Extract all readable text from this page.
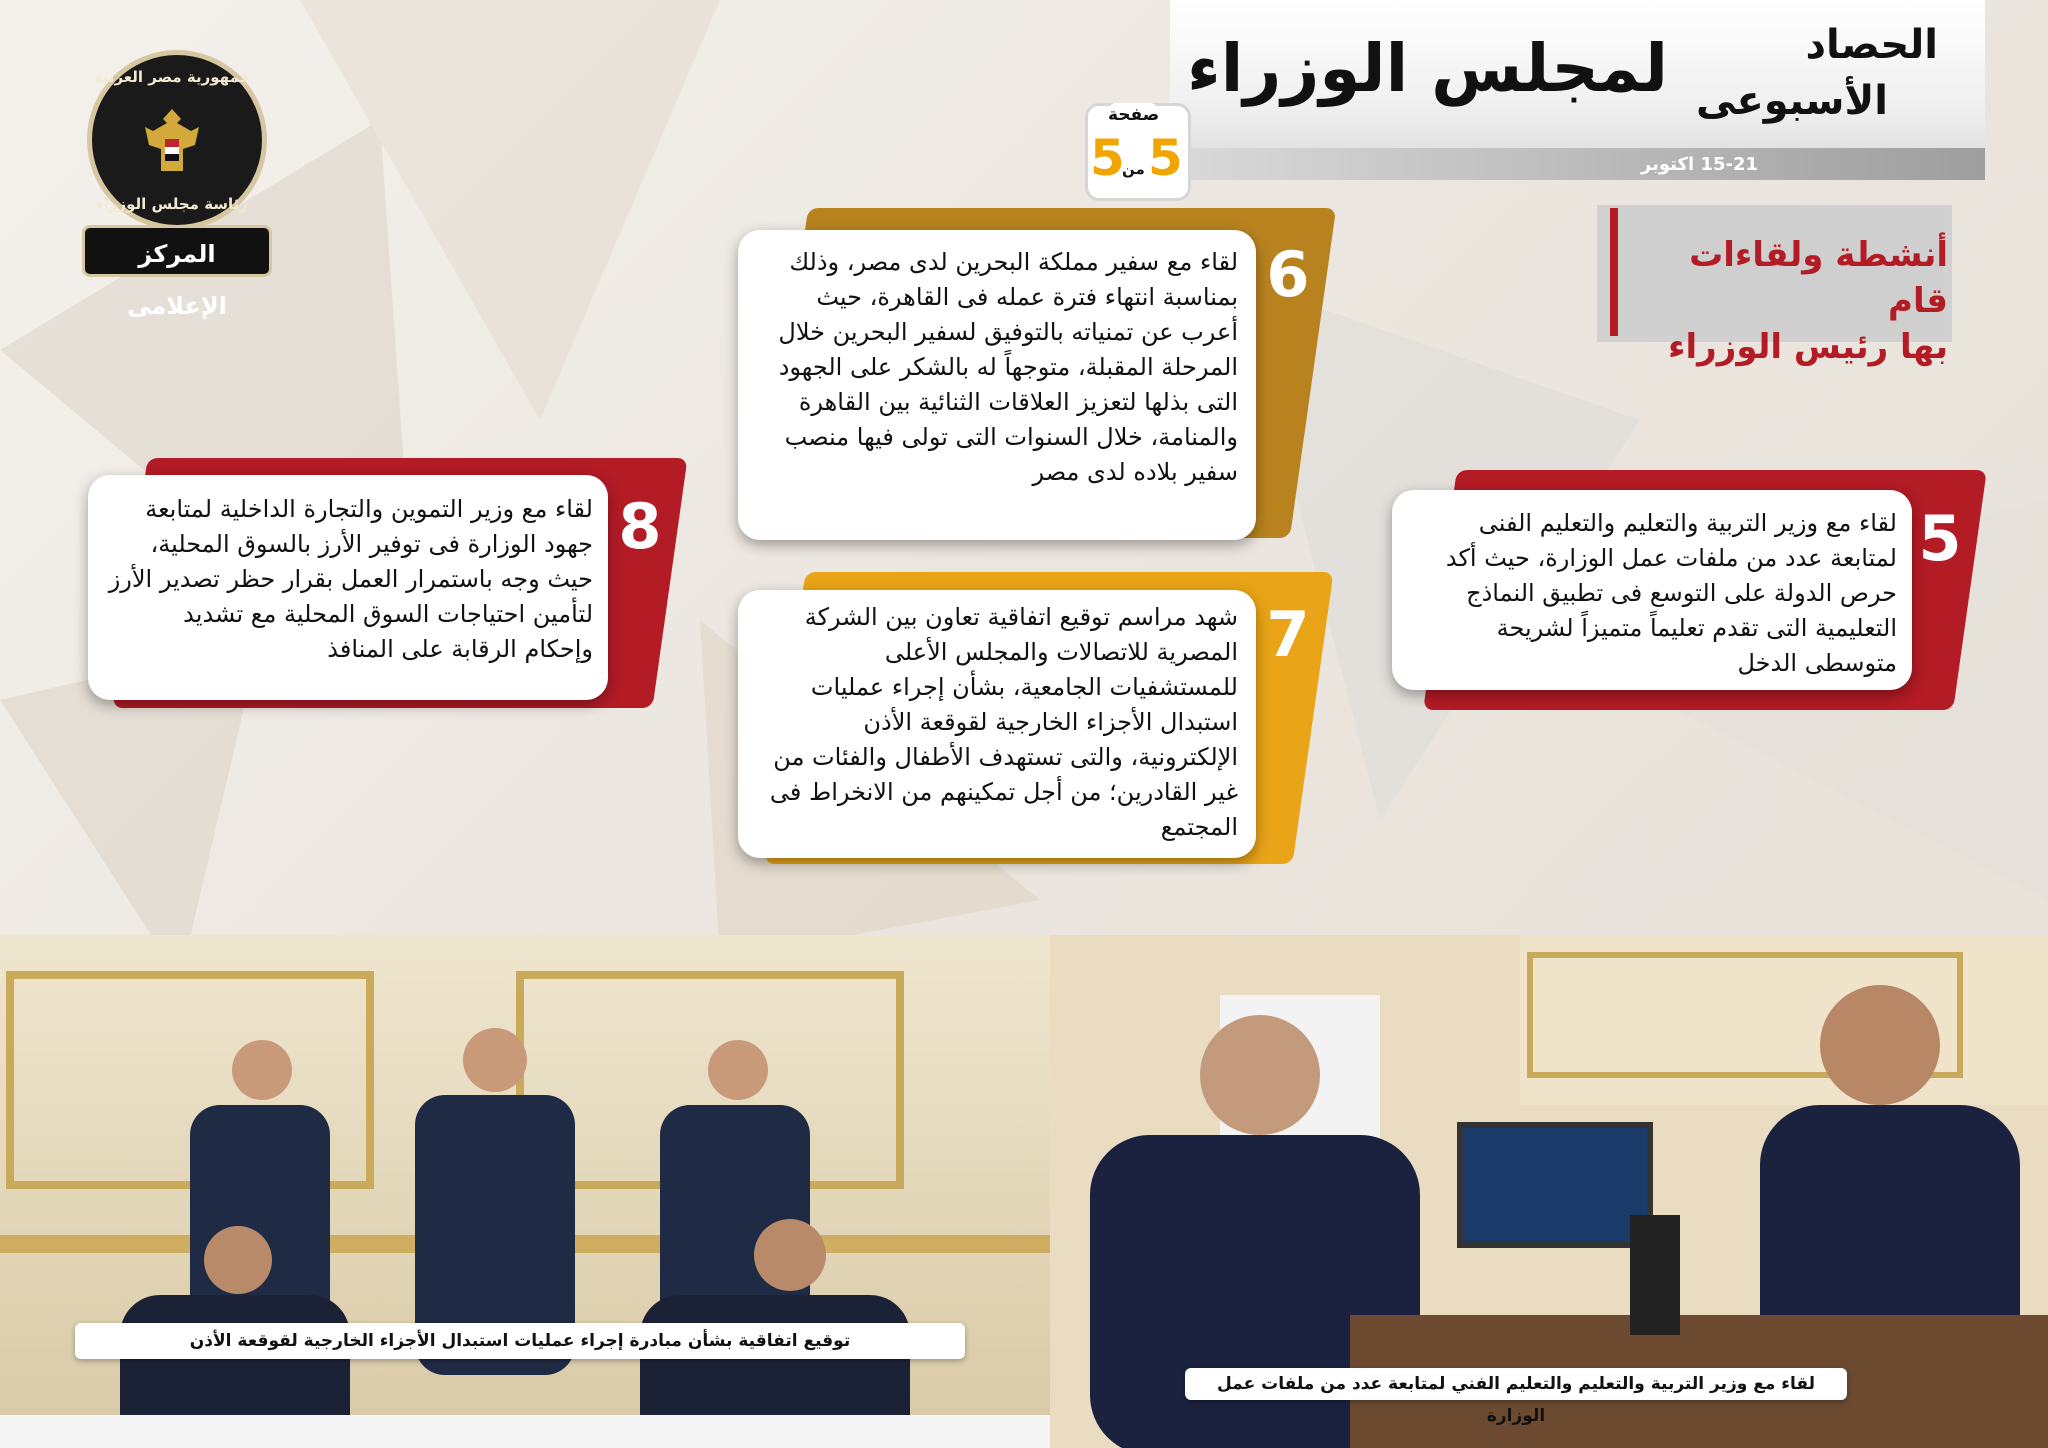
جمهورية مصر العربية
رئاسة مجلس الوزراء
المركز الإعلامى
لمجلس الوزراء	الحصاد
الأسبوعى
15-21 اكتوبر
صفحة
5
من
5
أنشطة ولقاءات قام
بها رئيس الوزراء
6
لقاء مع سفير مملكة البحرين لدى مصر، وذلك بمناسبة انتهاء فترة عمله فى القاهرة، حيث أعرب عن تمنياته بالتوفيق لسفير البحرين خلال المرحلة المقبلة، متوجهاً له بالشكر على الجهود التى بذلها لتعزيز العلاقات الثنائية بين القاهرة والمنامة، خلال السنوات التى تولى فيها منصب سفير بلاده لدى مصر
8
لقاء مع وزير التموين والتجارة الداخلية لمتابعة جهود الوزارة فى توفير الأرز بالسوق المحلية، حيث وجه باستمرار العمل بقرار حظر تصدير الأرز لتأمين احتياجات السوق المحلية مع تشديد وإحكام الرقابة على المنافذ
5
لقاء مع وزير التربية والتعليم والتعليم الفنى لمتابعة عدد من ملفات عمل الوزارة، حيث أكد حرص الدولة على التوسع فى تطبيق النماذج التعليمية التى تقدم تعليماً متميزاً لشريحة متوسطى الدخل
7
شهد مراسم توقيع اتفاقية تعاون بين الشركة المصرية للاتصالات والمجلس الأعلى للمستشفيات الجامعية، بشأن إجراء عمليات استبدال الأجزاء الخارجية لقوقعة الأذن الإلكترونية، والتى تستهدف الأطفال والفئات من غير القادرين؛ من أجل تمكينهم من الانخراط فى المجتمع
توقيع اتفاقية بشأن مبادرة إجراء عمليات استبدال الأجزاء الخارجية لقوقعة الأذن
لقاء مع وزير التربية والتعليم والتعليم الفني لمتابعة عدد من ملفات عمل الوزارة
